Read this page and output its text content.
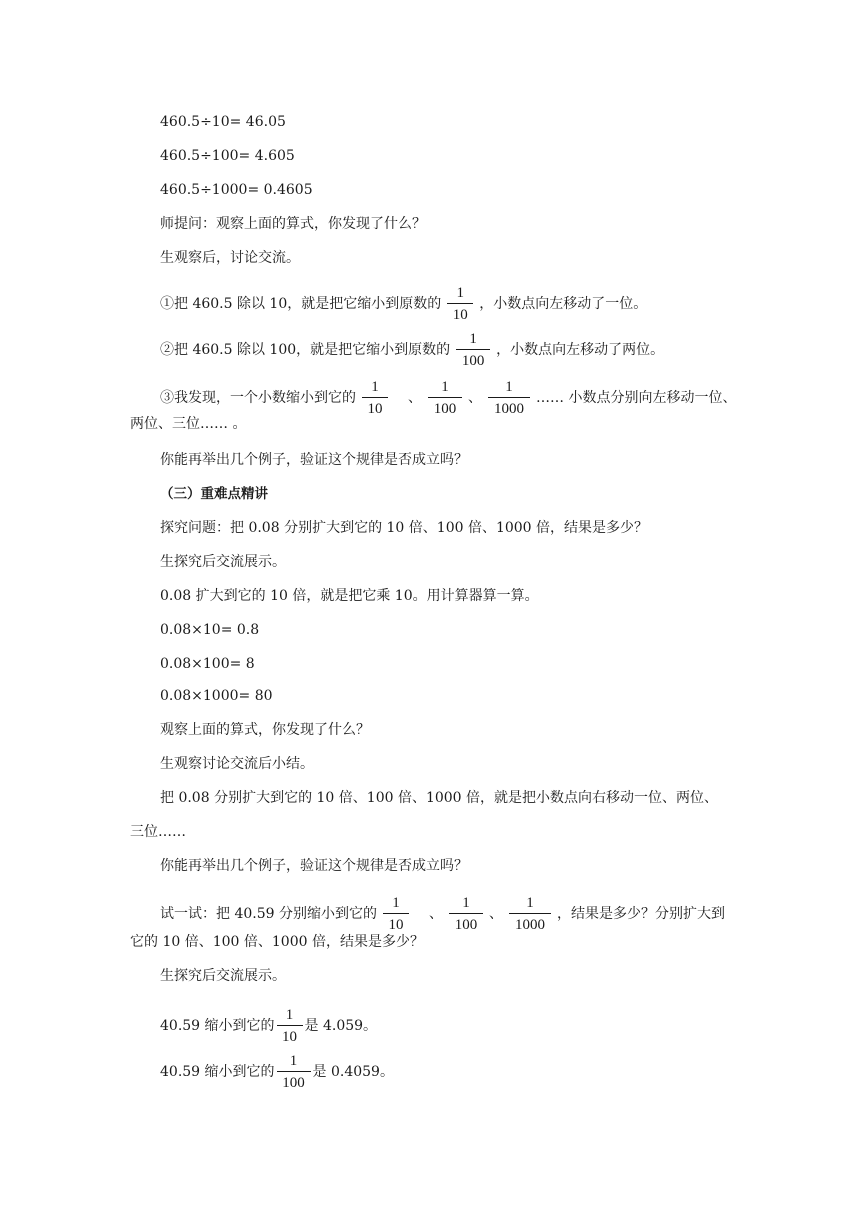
460.5÷10= 46.05
460.5÷100= 4.605
460.5÷1000= 0.4605
师提问：观察上面的算式，你发现了什么？
生观察后，讨论交流。
①把 460.5 除以 10，就是把它缩小到原数的 $\frac{1}{10}$ ，小数点向左移动了一位。
②把 460.5 除以 100，就是把它缩小到原数的 $\frac{1}{100}$ ，小数点向左移动了两位。
③我发现，一个小数缩小到它的 $\frac{1}{10}$ 、 $\frac{1}{100}$ 、 $\frac{1}{1000}$ …… 小数点分别向左移动一位、
两位、三位…… 。
你能再举出几个例子，验证这个规律是否成立吗？
（三）重难点精讲
探究问题：把 0.08 分别扩大到它的 10 倍、100 倍、1000 倍，结果是多少？
生探究后交流展示。
0.08 扩大到它的 10 倍，就是把它乘 10。用计算器算一算。
0.08×10= 0.8
0.08×100= 8
0.08×1000= 80
观察上面的算式，你发现了什么？
生观察讨论交流后小结。
把 0.08 分别扩大到它的 10 倍、100 倍、1000 倍，就是把小数点向右移动一位、两位、
三位……
你能再举出几个例子，验证这个规律是否成立吗？
试一试：把 40.59 分别缩小到它的 $\frac{1}{10}$ 、 $\frac{1}{100}$ 、 $\frac{1}{1000}$ ，结果是多少？分别扩大到
它的 10 倍、100 倍、1000 倍，结果是多少？
生探究后交流展示。
40.59 缩小到它的 $\frac{1}{10}$ 是 4.059。
40.59 缩小到它的 $\frac{1}{100}$ 是 0.4059。
